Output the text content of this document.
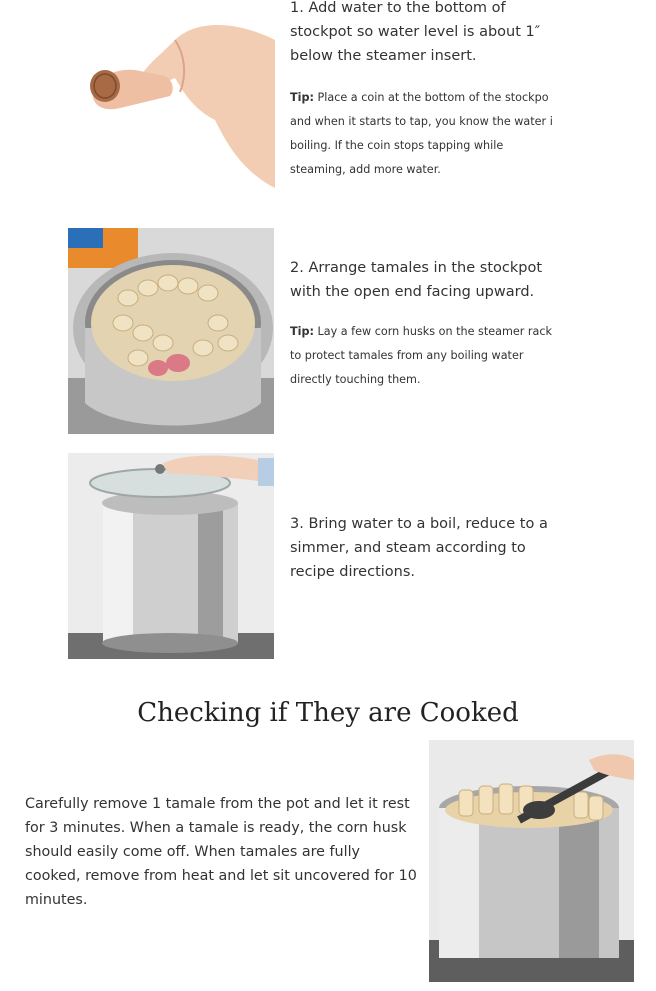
1. Add water to the bottom of stockpot so water level is about 1″ below the steamer insert.
Tip: Place a coin at the bottom of the stockpo
and when it starts to tap, you know the water i
boiling. If the coin stops tapping while
steaming, add more water.
2. Arrange tamales in the stockpot with the open end facing upward.
Tip: Lay a few corn husks on the steamer rack
to protect tamales from any boiling water
directly touching them.
3. Bring water to a boil, reduce to a simmer, and steam according to recipe directions.
Checking if They are Cooked
Carefully remove 1 tamale from the pot and let it rest for 3 minutes. When a tamale is ready, the corn husk should easily come off. When tamales are fully cooked, remove from heat and let sit uncovered for 10 minutes.
